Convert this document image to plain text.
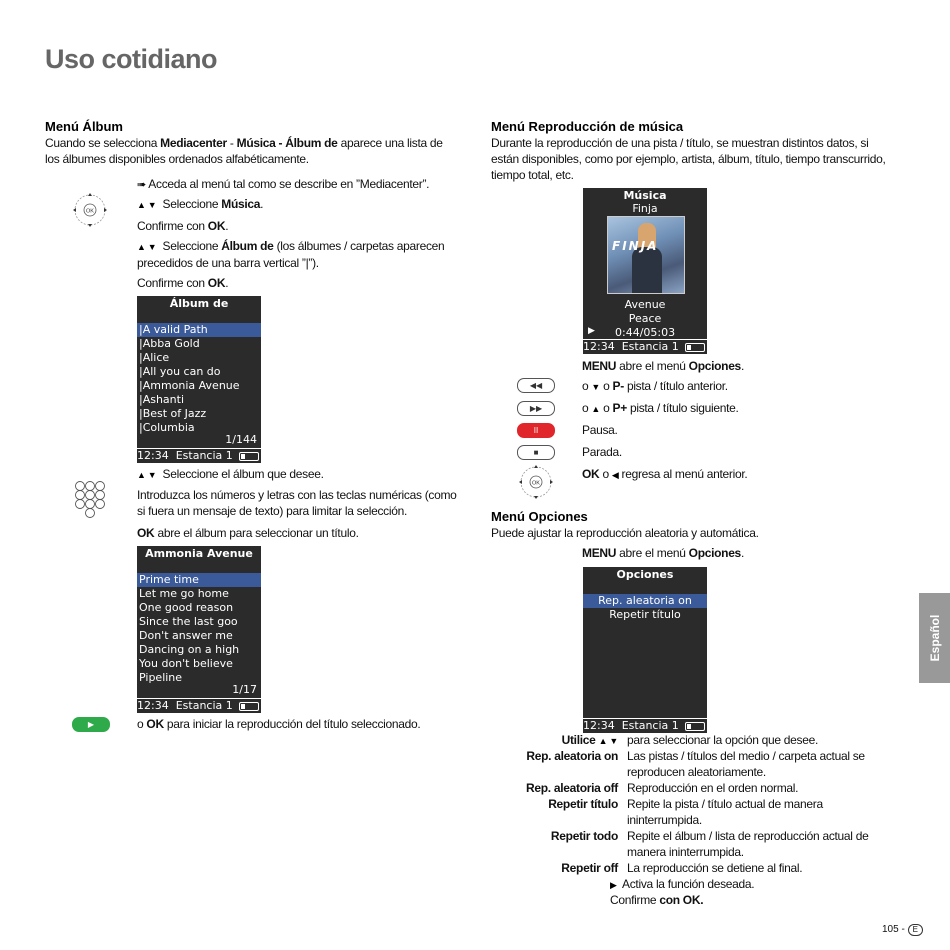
Uso cotidiano
Menú Álbum

Cuando se selecciona Mediacenter - Música - Álbum de aparece una lista de

los álbumes disponibles ordenados alfabéticamente.

OK
➠ Acceda al menú tal como se describe en ”Mediacenter”.
▲ ▼ Seleccione Música.
Confirme con OK.

▲ ▼ Seleccione Álbum de (los álbumes / carpetas aparecen

precedidos de una barra vertical ”|”).

Confirme con OK.
Álbum de
|A valid Path
|Abba Gold
|Alice
|All you can do
|Ammonia Avenue
|Ashanti
|Best of Jazz
|Columbia
1/144
12:34 Estancia 1
▲ ▼ Seleccione el álbum que desee.

Introduzca los números y letras con las teclas numéricas (como

si fuera un mensaje de texto) para limitar la selección.

OK abre el álbum para seleccionar un título.
Ammonia Avenue
Prime time
Let me go home
One good reason
Since the last goo
Don't answer me
Dancing on a high
You don't believe
Pipeline
1/17
12:34 Estancia 1
▶	o OK para iniciar la reproducción del título seleccionado.
Menú Reproducción de música

Durante la reproducción de una pista / título, se muestran distintos datos, si

están disponibles, como por ejemplo, artista, álbum, título, tiempo transcurrido,

tiempo total, etc.

Música
Finja
FINJA
Avenue
Peace
▶ 0:44/05:03
12:34 Estancia 1
MENU abre el menú Opciones.
◀◀	o ▼ o P- pista / título anterior.
▶▶	o ▲ o P+ pista / título siguiente.
II	Pausa.
■	Parada.
OK
OK o ◀ regresa al menú anterior.
Menú Opciones
Puede ajustar la reproducción aleatoria y automática.
MENU abre el menú Opciones.
Opciones
Rep. aleatoria on
Repetir título
12:34 Estancia 1
Utilice ▲ ▼ para seleccionar la opción que desee.
Rep. aleatoria on Las pistas / títulos del medio / carpeta actual se
reproducen aleatoriamente.
Rep. aleatoria off Reproducción en el orden normal.
Repetir título Repite la pista / título actual de manera
ininterrumpida.
Repetir todo Repite el álbum / lista de reproducción actual de
manera ininterrumpida.
Repetir off La reproducción se detiene al final.
▶ Activa la función deseada.
Confirme con OK.
Español
105 - E
